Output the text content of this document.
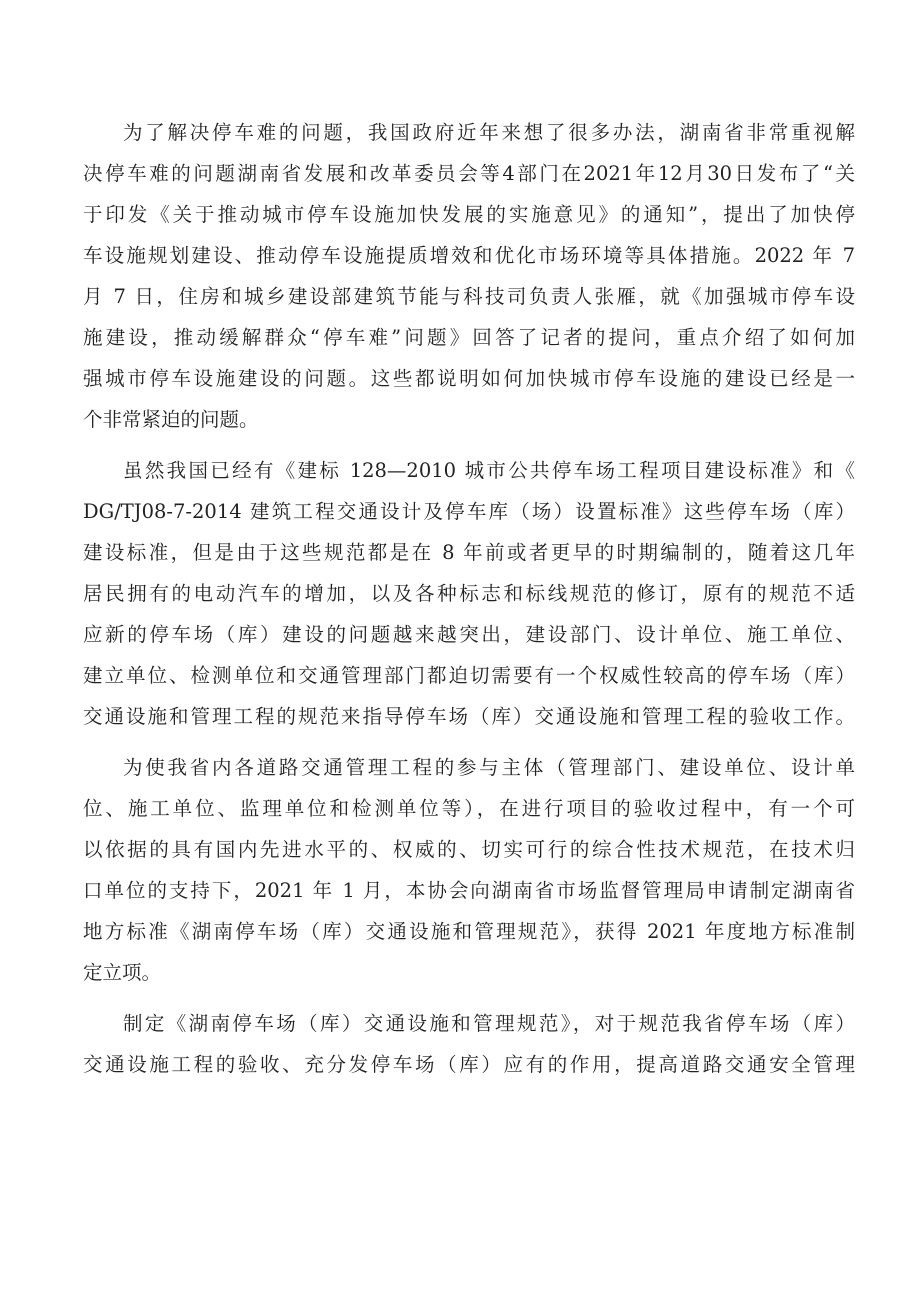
为了解决停车难的问题，我国政府近年来想了很多办法，湖南省非常重视解
决停车难的问题湖南省发展和改革委员会等4部门在2021年12月30日发布了“关
于印发《关于推动城市停车设施加快发展的实施意见》的通知”，提出了加快停
车设施规划建设、推动停车设施提质增效和优化市场环境等具体措施。2022 年 7
月 7 日，住房和城乡建设部建筑节能与科技司负责人张雁，就《加强城市停车设
施建设，推动缓解群众“停车难”问题》回答了记者的提问，重点介绍了如何加
强城市停车设施建设的问题。这些都说明如何加快城市停车设施的建设已经是一
个非常紧迫的问题。
虽然我国已经有《建标 128—2010 城市公共停车场工程项目建设标准》和《
DG/TJ08-7-2014 建筑工程交通设计及停车库（场）设置标准》这些停车场（库）
建设标准，但是由于这些规范都是在 8 年前或者更早的时期编制的，随着这几年
居民拥有的电动汽车的增加，以及各种标志和标线规范的修订，原有的规范不适
应新的停车场（库）建设的问题越来越突出，建设部门、设计单位、施工单位、
建立单位、检测单位和交通管理部门都迫切需要有一个权威性较高的停车场（库）
交通设施和管理工程的规范来指导停车场（库）交通设施和管理工程的验收工作。
为使我省内各道路交通管理工程的参与主体（管理部门、建设单位、设计单
位、施工单位、监理单位和检测单位等），在进行项目的验收过程中，有一个可
以依据的具有国内先进水平的、权威的、切实可行的综合性技术规范，在技术归
口单位的支持下，2021 年 1 月，本协会向湖南省市场监督管理局申请制定湖南省
地方标准《湖南停车场（库）交通设施和管理规范》，获得 2021 年度地方标准制
定立项。
制定《湖南停车场（库）交通设施和管理规范》，对于规范我省停车场（库）
交通设施工程的验收、充分发停车场（库）应有的作用，提高道路交通安全管理
